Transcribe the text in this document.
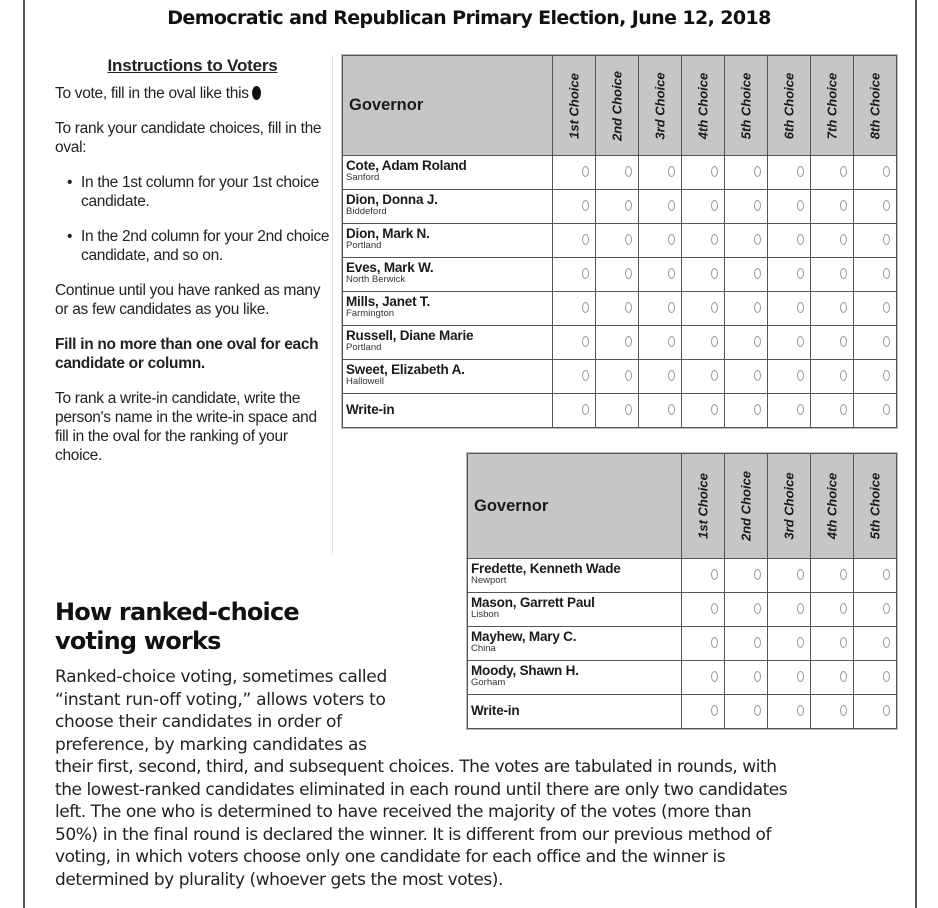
Democratic and Republican Primary Election, June 12, 2018
Instructions to Voters

To vote, fill in the oval like this

To rank your candidate choices, fill in the oval:

• In the 1st column for your 1st choice candidate.
• In the 2nd column for your 2nd choice candidate, and so on.

Continue until you have ranked as many or as few candidates as you like.

Fill in no more than one oval for each candidate or column.

To rank a write-in candidate, write the person's name in the write-in space and fill in the oval for the ranking of your choice.

Governor	1st Choice	2nd Choice	3rd Choice	4th Choice	5th Choice	6th Choice	7th Choice	8th Choice

Cote, Adam Roland
Sanford								

Dion, Donna J.
Biddeford								

Dion, Mark N.
Portland								

Eves, Mark W.
North Berwick								

Mills, Janet T.
Farmington								

Russell, Diane Marie
Portland								

Sweet, Elizabeth A.
Hallowell								

Write-in								

Governor	1st Choice	2nd Choice	3rd Choice	4th Choice	5th Choice

Fredette, Kenneth Wade
Newport					

Mason, Garrett Paul
Lisbon					

Mayhew, Mary C.
China					

Moody, Shawn H.
Gorham					

Write-in					

How ranked-choice
voting works
Ranked-choice voting, sometimes called
“instant run-off voting,” allows voters to
choose their candidates in order of
preference, by marking candidates as
their first, second, third, and subsequent choices. The votes are tabulated in rounds, with
the lowest-ranked candidates eliminated in each round until there are only two candidates
left. The one who is determined to have received the majority of the votes (more than
50%) in the final round is declared the winner. It is different from our previous method of
voting, in which voters choose only one candidate for each office and the winner is
determined by plurality (whoever gets the most votes).
